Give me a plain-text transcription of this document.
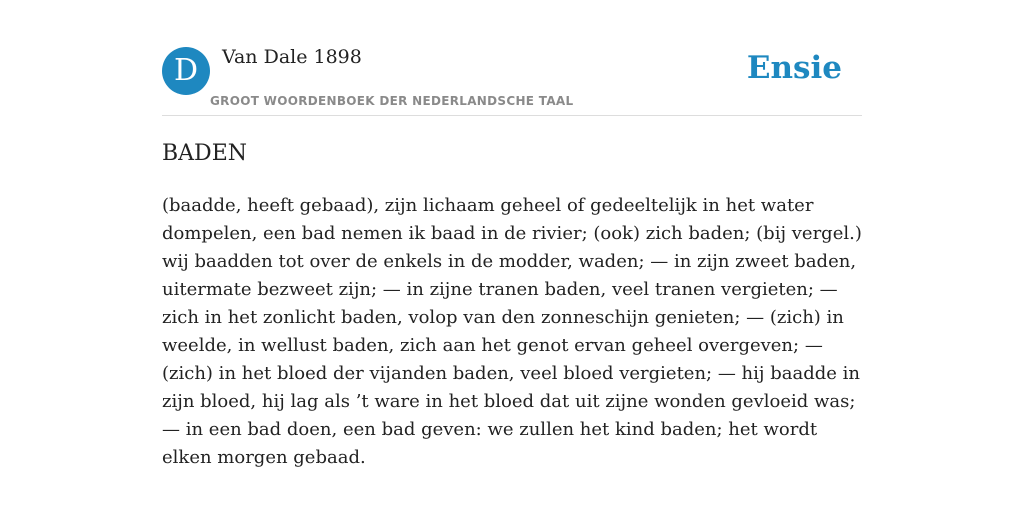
D	Van Dale 1898
GROOT WOORDENBOEK DER NEDERLANDSCHE TAAL
Ensie
BADEN

(baadde, heeft gebaad), zijn lichaam geheel of gedeeltelijk in het water dompelen, een bad nemen ik baad in de rivier; (ook) zich baden; (bij vergel.) wij baadden tot over de enkels in de modder, waden; — in zijn zweet baden, uitermate bezweet zijn; — in zijne tranen baden, veel tranen vergieten; — zich in het zonlicht baden, volop van den zonneschijn genieten; — (zich) in weelde, in wellust baden, zich aan het genot ervan geheel overgeven; — (zich) in het bloed der vijanden baden, veel bloed vergieten; — hij baadde in zijn bloed, hij lag als ’t ware in het bloed dat uit zijne wonden gevloeid was; — in een bad doen, een bad geven: we zullen het kind baden; het wordt elken morgen gebaad.
